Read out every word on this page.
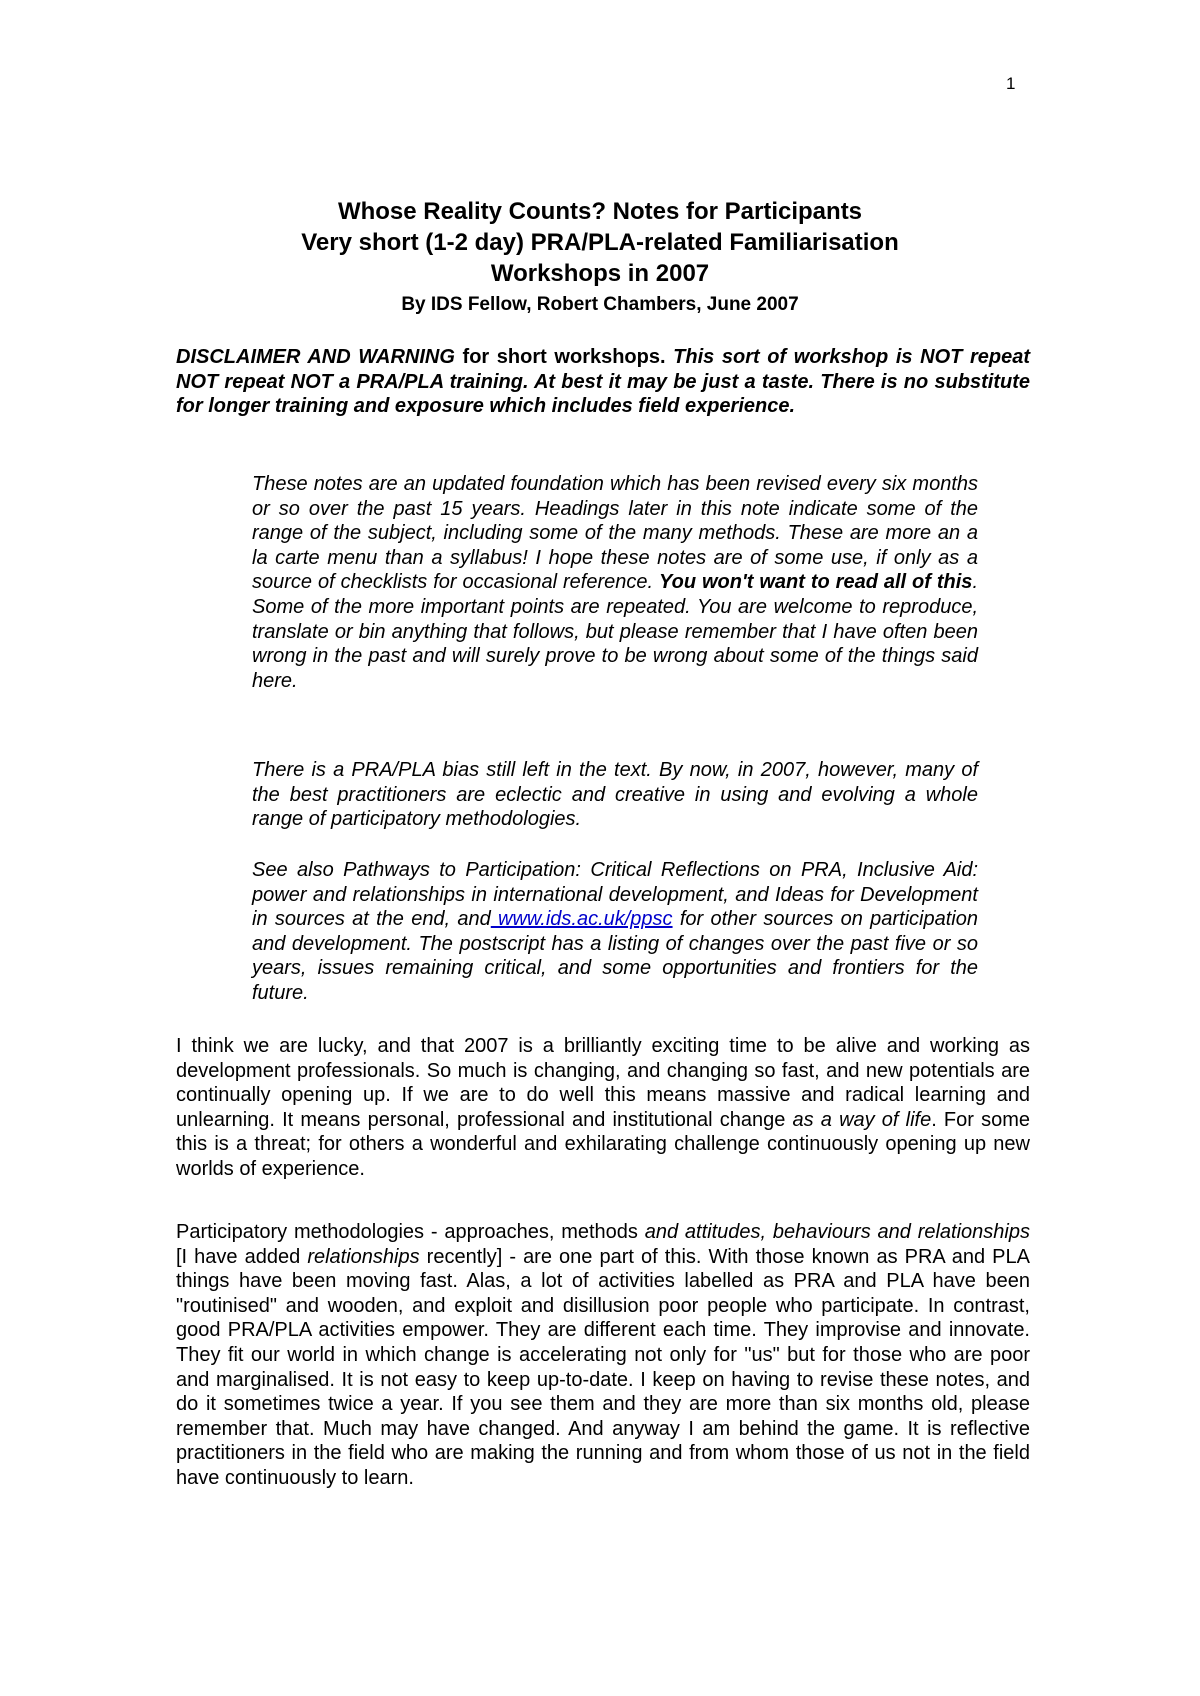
1
Whose Reality Counts? Notes for Participants
Very short (1-2 day) PRA/PLA-related Familiarisation
Workshops in 2007
By IDS Fellow, Robert Chambers, June 2007

DISCLAIMER AND WARNING for short workshops. This sort of workshop is NOT repeat NOT repeat NOT a PRA/PLA training. At best it may be just a taste. There is no substitute for longer training and exposure which includes field experience.

These notes are an updated foundation which has been revised every six months or so over the past 15 years. Headings later in this note indicate some of the range of the subject, including some of the many methods. These are more an a la carte menu than a syllabus! I hope these notes are of some use, if only as a source of checklists for occasional reference. You won't want to read all of this. Some of the more important points are repeated. You are welcome to reproduce, translate or bin anything that follows, but please remember that I have often been wrong in the past and will surely prove to be wrong about some of the things said here.

There is a PRA/PLA bias still left in the text. By now, in 2007, however, many of the best practitioners are eclectic and creative in using and evolving a whole range of participatory methodologies.

See also Pathways to Participation: Critical Reflections on PRA, Inclusive Aid: power and relationships in international development, and Ideas for Development in sources at the end, and www.ids.ac.uk/ppsc for other sources on participation and development. The postscript has a listing of changes over the past five or so years, issues remaining critical, and some opportunities and frontiers for the future.

I think we are lucky, and that 2007 is a brilliantly exciting time to be alive and working as development professionals. So much is changing, and changing so fast, and new potentials are continually opening up. If we are to do well this means massive and radical learning and unlearning. It means personal, professional and institutional change as a way of life. For some this is a threat; for others a wonderful and exhilarating challenge continuously opening up new worlds of experience.

Participatory methodologies - approaches, methods and attitudes, behaviours and relationships [I have added relationships recently] - are one part of this. With those known as PRA and PLA things have been moving fast. Alas, a lot of activities labelled as PRA and PLA have been "routinised" and wooden, and exploit and disillusion poor people who participate. In contrast, good PRA/PLA activities empower. They are different each time. They improvise and innovate. They fit our world in which change is accelerating not only for "us" but for those who are poor and marginalised. It is not easy to keep up-to-date. I keep on having to revise these notes, and do it sometimes twice a year. If you see them and they are more than six months old, please remember that. Much may have changed. And anyway I am behind the game. It is reflective practitioners in the field who are making the running and from whom those of us not in the field have continuously to learn.
